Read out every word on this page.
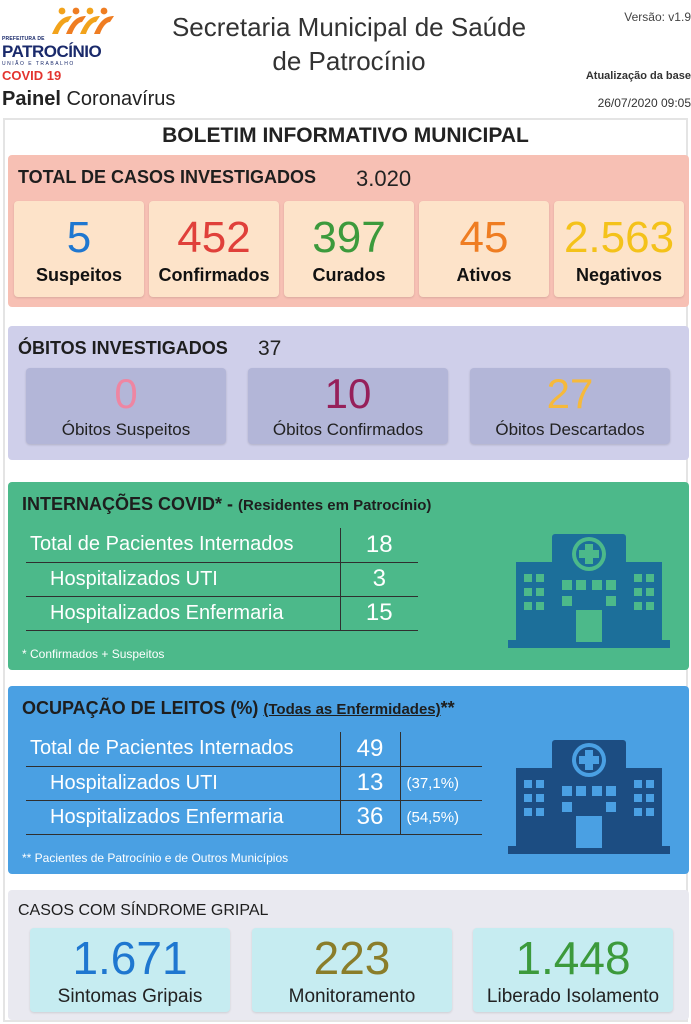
PREFEITURA DE
PATROCÍNIO
UNIÃO E TRABALHO
COVID 19
Painel Coronavírus
Secretaria Municipal de Saúde
de Patrocínio
Versão: v1.9
Atualização da base
26/07/2020 09:05
BOLETIM INFORMATIVO MUNICIPAL
TOTAL DE CASOS INVESTIGADOS 3.020
5
Suspeitos
452
Confirmados
397
Curados
45
Ativos
2.563
Negativos
ÓBITOS INVESTIGADOS 37
0
Óbitos Suspeitos
10
Óbitos Confirmados
27
Óbitos Descartados
INTERNAÇÕES COVID* - (Residentes em Patrocínio)
Total de Pacientes Internados	18
Hospitalizados UTI	3
Hospitalizados Enfermaria	15
* Confirmados + Suspeitos
OCUPAÇÃO DE LEITOS (%) (Todas as Enfermidades)**
Total de Pacientes Internados	49	
Hospitalizados UTI	13	(37,1%)
Hospitalizados Enfermaria	36	(54,5%)
** Pacientes de Patrocínio e de Outros Municípios
CASOS COM SÍNDROME GRIPAL
1.671
Sintomas Gripais
223
Monitoramento
1.448
Liberado Isolamento
